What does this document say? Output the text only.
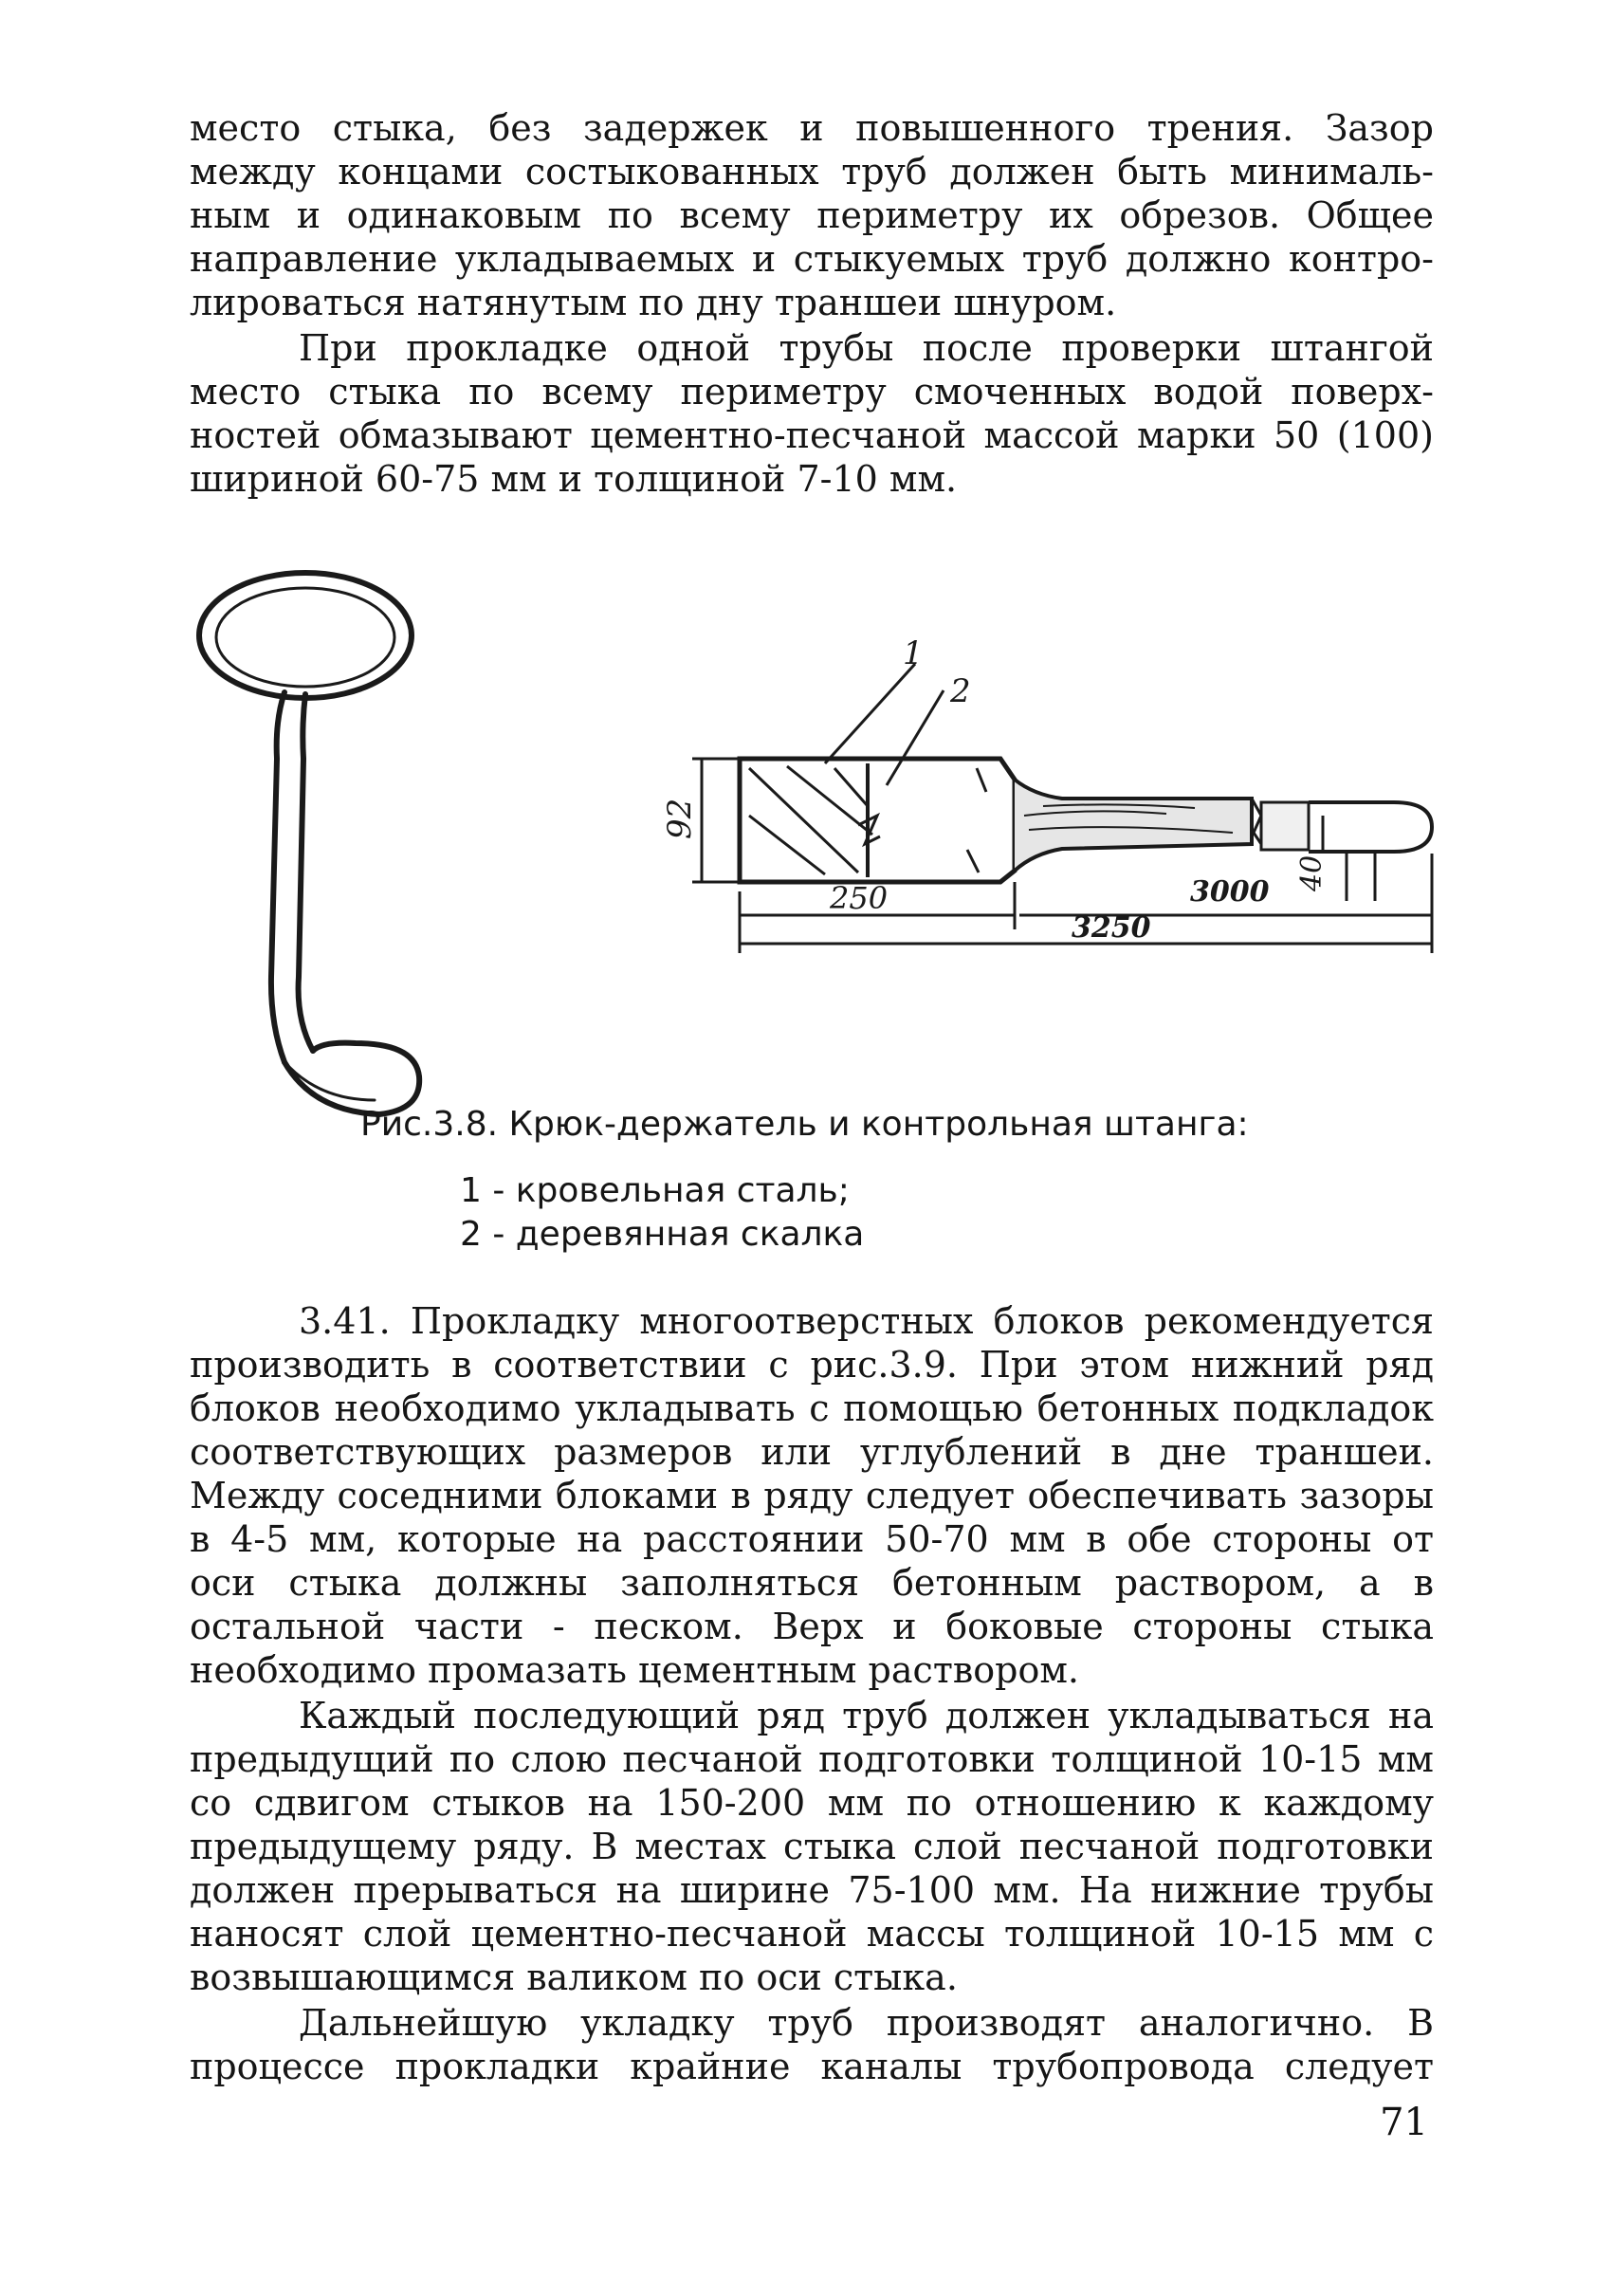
место стыка, без задержек и повышенного трения. Зазор
между концами состыкованных труб должен быть минималь-
ным и одинаковым по всему периметру их обрезов. Общее
направление укладываемых и стыкуемых труб должно контро-
лироваться натянутым по дну траншеи шнуром.
При прокладке одной трубы после проверки штангой
место стыка по всему периметру смоченных водой поверх-
ностей обмазывают цементно-песчаной массой марки 50 (100)
шириной 60-75 мм и толщиной 7-10 мм.
1
2
92
250	3000
3250
40
Рис.3.8. Крюк-держатель и контрольная штанга:
1 - кровельная сталь;
2 - деревянная скалка
3.41. Прокладку многоотверстных блоков рекомендуется
производить в соответствии с рис.3.9. При этом нижний ряд
блоков необходимо укладывать с помощью бетонных подкладок
соответствующих размеров или углублений в дне траншеи.
Между соседними блоками в ряду следует обеспечивать зазоры
в 4-5 мм, которые на расстоянии 50-70 мм в обе стороны от
оси стыка должны заполняться бетонным раствором, а в
остальной части - песком. Верх и боковые стороны стыка
необходимо промазать цементным раствором.
Каждый последующий ряд труб должен укладываться на
предыдущий по слою песчаной подготовки толщиной 10-15 мм
со сдвигом стыков на 150-200 мм по отношению к каждому
предыдущему ряду. В местах стыка слой песчаной подготовки
должен прерываться на ширине 75-100 мм. На нижние трубы
наносят слой цементно-песчаной массы толщиной 10-15 мм с
возвышающимся валиком по оси стыка.
Дальнейшую укладку труб производят аналогично. В
процессе прокладки крайние каналы трубопровода следует
71
